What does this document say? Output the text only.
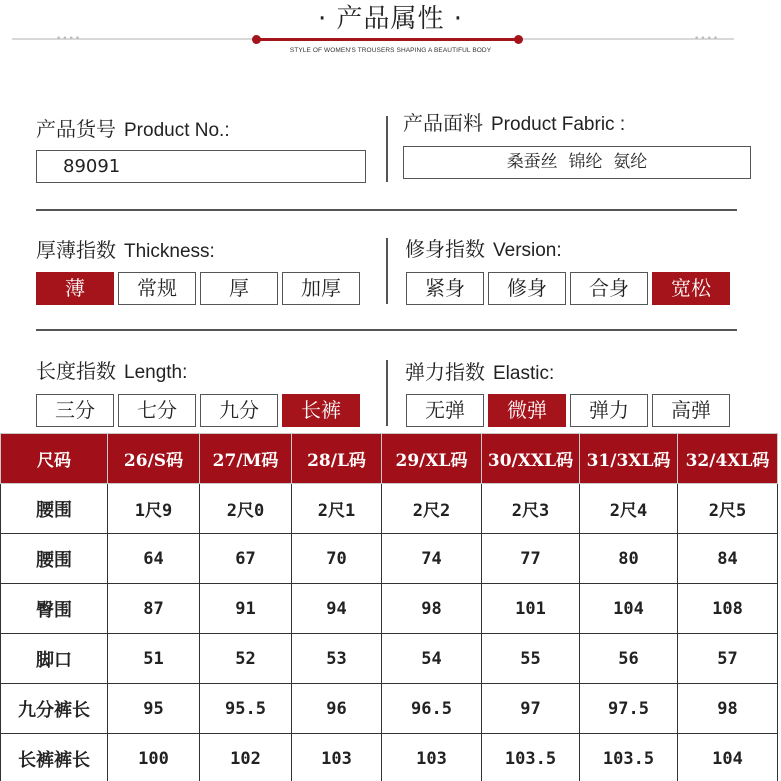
· 产品属性 ·
••••	••••
STYLE OF WOMEN'S TROUSERS SHAPING A BEAUTIFUL BODY
产品货号 Product No.:
89091
产品面料 Product Fabric :
桑蚕丝  锦纶  氨纶
厚薄指数 Thickness:
薄	常规	厚	加厚
修身指数 Version:
紧身	修身	合身	宽松
长度指数 Length:
三分	七分	九分	长裤
弹力指数 Elastic:
无弹	微弹	弹力	高弹
尺码	26/S码	27/M码	28/L码	29/XL码	30/XXL码	31/3XL码	32/4XL码
腰围	1尺9	2尺0	2尺1	2尺2	2尺3	2尺4	2尺5
腰围	64	67	70	74	77	80	84
臀围	87	91	94	98	101	104	108
脚口	51	52	53	54	55	56	57
九分裤长	95	95.5	96	96.5	97	97.5	98
长裤裤长	100	102	103	103	103.5	103.5	104
